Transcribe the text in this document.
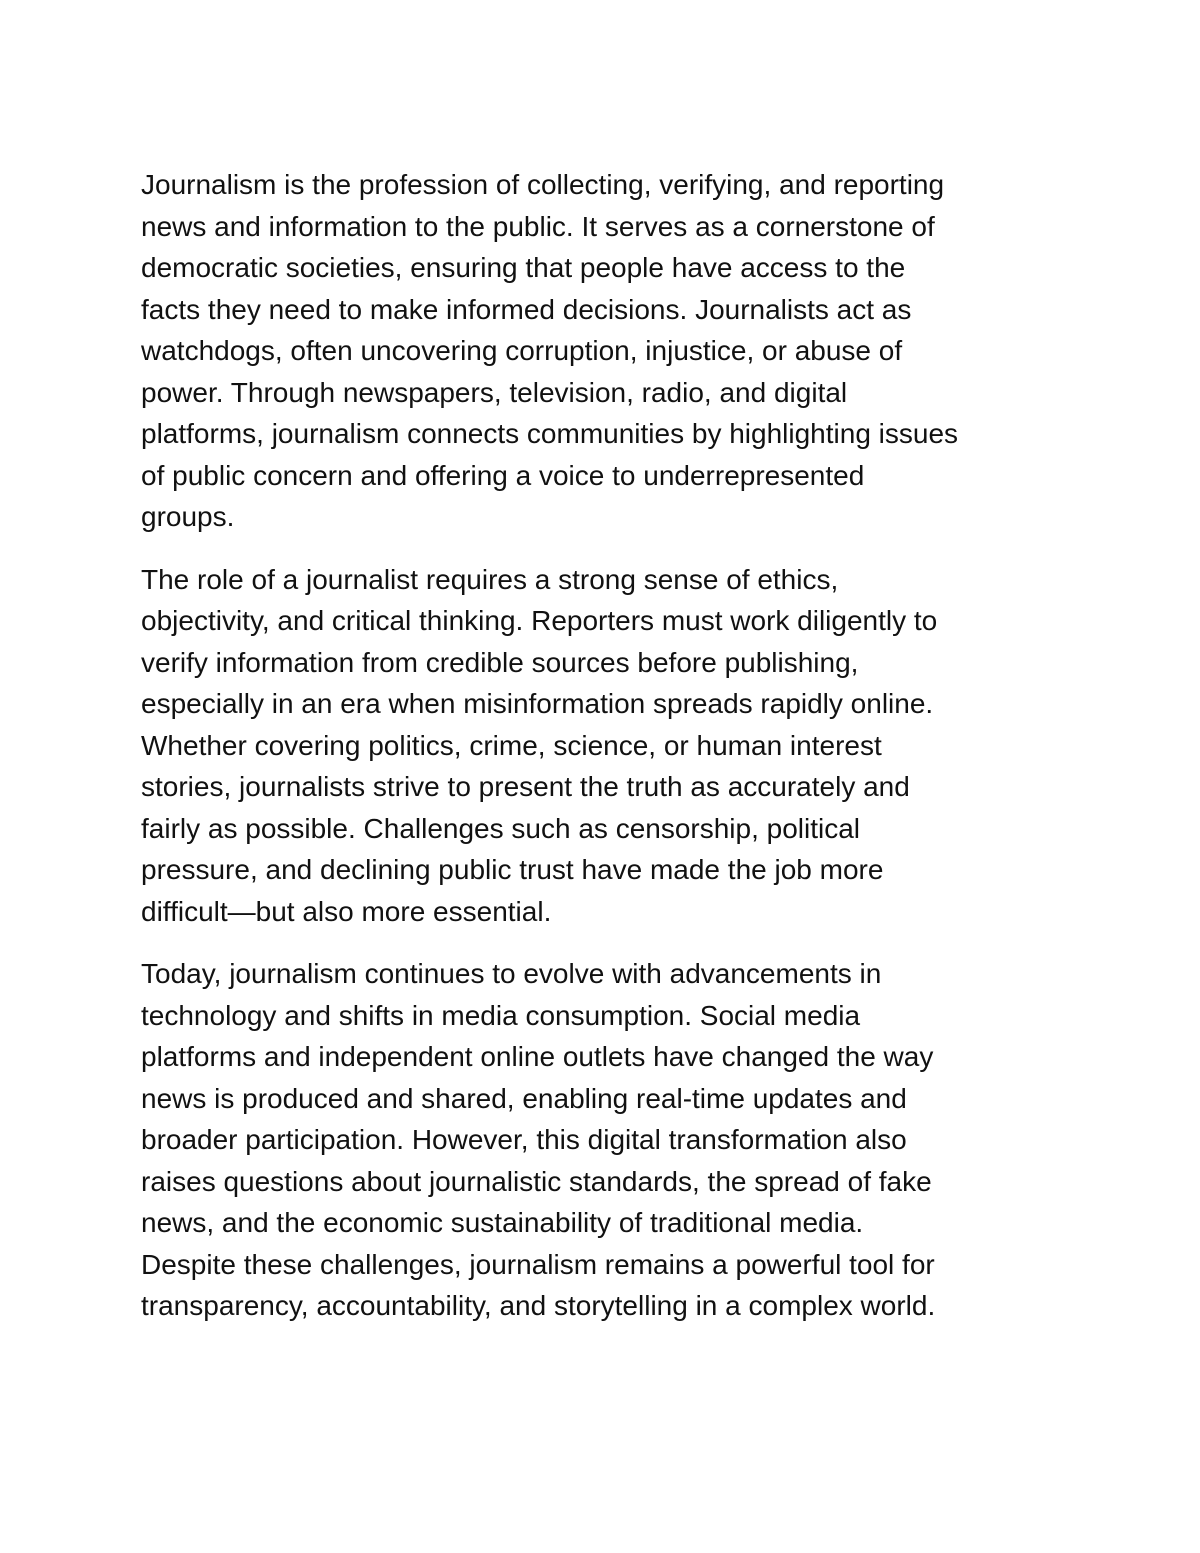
Journalism is the profession of collecting, verifying, and reporting
news and information to the public. It serves as a cornerstone of
democratic societies, ensuring that people have access to the
facts they need to make informed decisions. Journalists act as
watchdogs, often uncovering corruption, injustice, or abuse of
power. Through newspapers, television, radio, and digital
platforms, journalism connects communities by highlighting issues
of public concern and offering a voice to underrepresented
groups.

The role of a journalist requires a strong sense of ethics,
objectivity, and critical thinking. Reporters must work diligently to
verify information from credible sources before publishing,
especially in an era when misinformation spreads rapidly online.
Whether covering politics, crime, science, or human interest
stories, journalists strive to present the truth as accurately and
fairly as possible. Challenges such as censorship, political
pressure, and declining public trust have made the job more
difficult—but also more essential.

Today, journalism continues to evolve with advancements in
technology and shifts in media consumption. Social media
platforms and independent online outlets have changed the way
news is produced and shared, enabling real-time updates and
broader participation. However, this digital transformation also
raises questions about journalistic standards, the spread of fake
news, and the economic sustainability of traditional media.
Despite these challenges, journalism remains a powerful tool for
transparency, accountability, and storytelling in a complex world.
